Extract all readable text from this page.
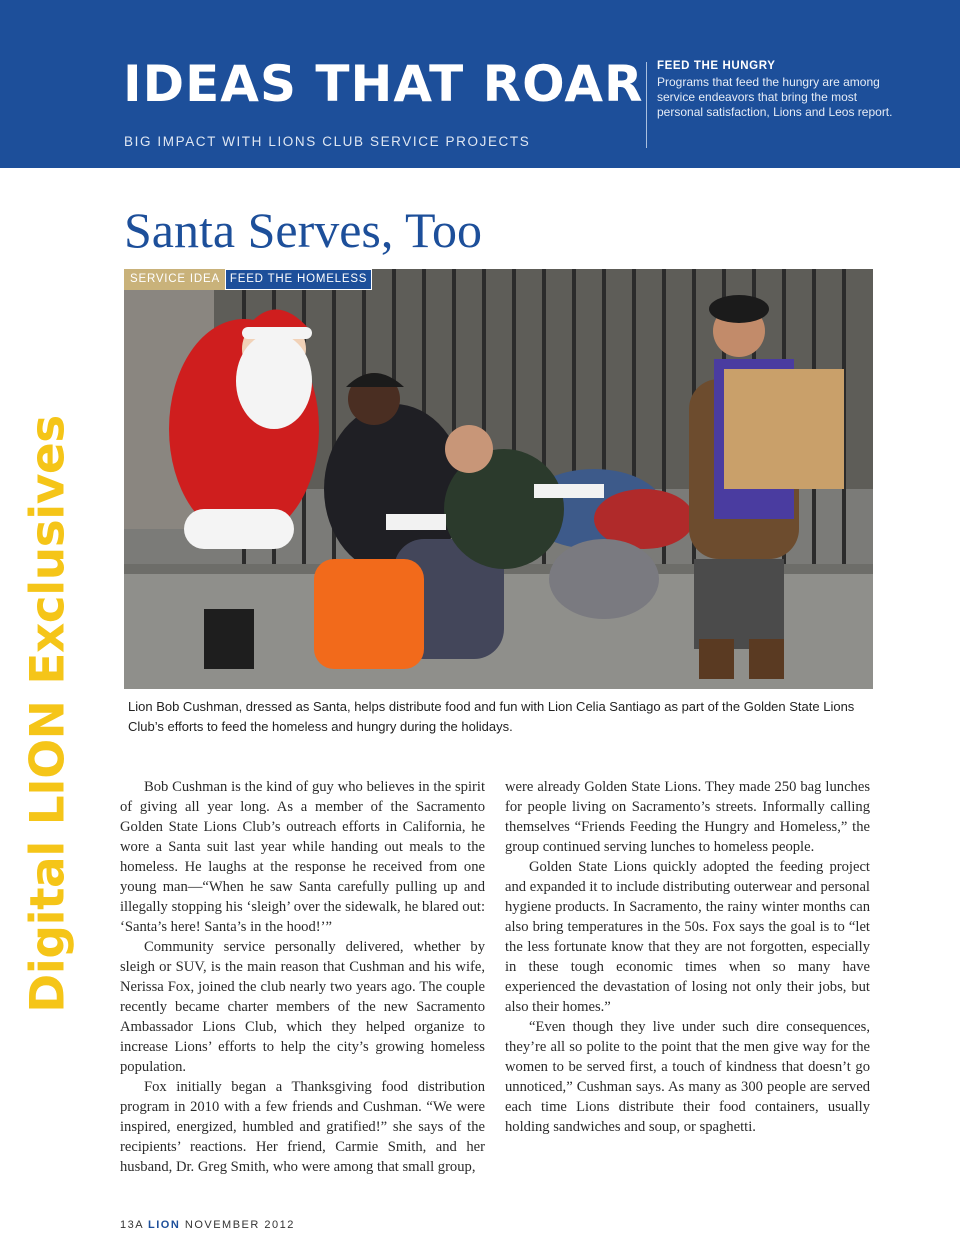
IDEAS THAT ROAR
BIG IMPACT WITH LIONS CLUB SERVICE PROJECTS
FEED THE HUNGRY
Programs that feed the hungry are among service endeavors that bring the most personal satisfaction, Lions and Leos report.
Digital LION Exclusives
Santa Serves, Too
SERVICE IDEA FEED THE HOMELESS
Lion Bob Cushman, dressed as Santa, helps distribute food and fun with Lion Celia Santiago as part of the Golden State Lions Club’s efforts to feed the homeless and hungry during the holidays.

Bob Cushman is the kind of guy who believes in the spirit of giving all year long. As a member of the Sacramento Golden State Lions Club’s outreach efforts in California, he wore a Santa suit last year while handing out meals to the homeless. He laughs at the response he received from one young man—“When he saw Santa carefully pulling up and illegally stopping his ‘sleigh’ over the sidewalk, he blared out: ‘Santa’s here! Santa’s in the hood!’”

Community service personally delivered, whether by sleigh or SUV, is the main reason that Cushman and his wife, Nerissa Fox, joined the club nearly two years ago. The couple recently became charter members of the new Sacramento Ambassador Lions Club, which they helped organize to increase Lions’ efforts to help the city’s growing homeless population.

Fox initially began a Thanksgiving food distribution program in 2010 with a few friends and Cushman. “We were inspired, energized, humbled and gratified!” she says of the recipients’ reactions. Her friend, Carmie Smith, and her husband, Dr. Greg Smith, who were among that small group,

were already Golden State Lions. They made 250 bag lunches for people living on Sacramento’s streets. Informally calling themselves “Friends Feeding the Hungry and Homeless,” the group continued serving lunches to homeless people.

Golden State Lions quickly adopted the feeding project and expanded it to include distributing outerwear and personal hygiene products. In Sacramento, the rainy winter months can also bring temperatures in the 50s. Fox says the goal is to “let the less fortunate know that they are not forgotten, especially in these tough economic times when so many have experienced the devastation of losing not only their jobs, but also their homes.”

“Even though they live under such dire consequences, they’re all so polite to the point that the men give way for the women to be served first, a touch of kindness that doesn’t go unnoticed,” Cushman says. As many as 300 people are served each time Lions distribute their food containers, usually holding sandwiches and soup, or spaghetti.

13A LION NOVEMBER 2012
